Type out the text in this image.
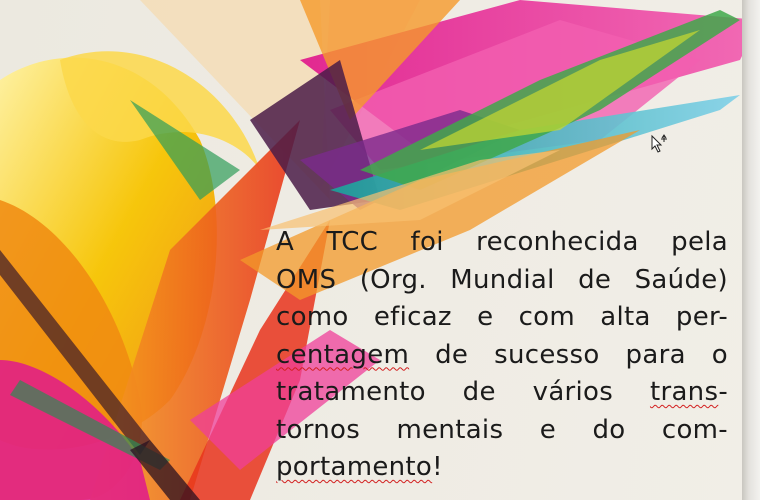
A TCC foi reconhecida pela
OMS (Org. Mundial de Saúde)
como eficaz e com alta per-
centagem de sucesso para o
tratamento de vários trans-
tornos mentais e do com-
portamento!
